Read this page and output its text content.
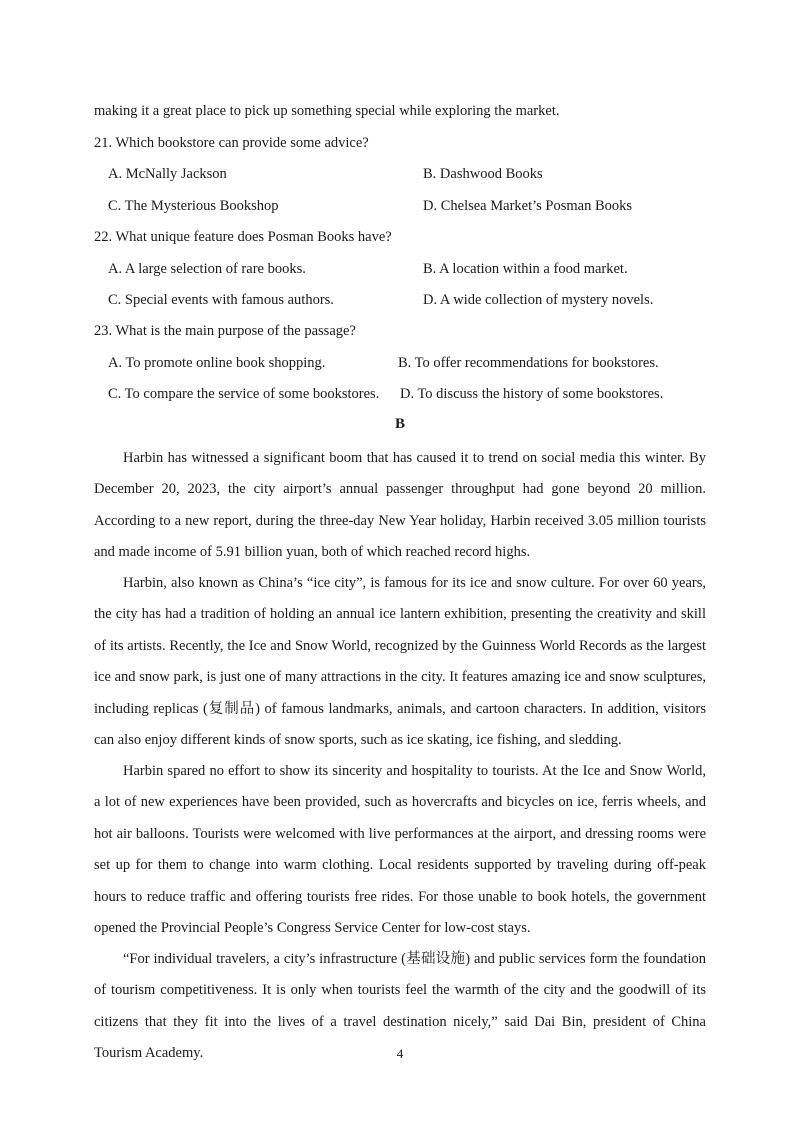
making it a great place to pick up something special while exploring the market.
21. Which bookstore can provide some advice?
A. McNally Jackson	B. Dashwood Books
C. The Mysterious Bookshop	D. Chelsea Market’s Posman Books
22. What unique feature does Posman Books have?
A. A large selection of rare books.	B. A location within a food market.
C. Special events with famous authors.	D. A wide collection of mystery novels.
23. What is the main purpose of the passage?
A. To promote online book shopping.	B. To offer recommendations for bookstores.
C. To compare the service of some bookstores. D. To discuss the history of some bookstores.
B

Harbin has witnessed a significant boom that has caused it to trend on social media this winter. By December 20, 2023, the city airport’s annual passenger throughput had gone beyond 20 million. According to a new report, during the three-day New Year holiday, Harbin received 3.05 million tourists and made income of 5.91 billion yuan, both of which reached record highs.

Harbin, also known as China’s “ice city”, is famous for its ice and snow culture. For over 60 years, the city has had a tradition of holding an annual ice lantern exhibition, presenting the creativity and skill of its artists. Recently, the Ice and Snow World, recognized by the Guinness World Records as the largest ice and snow park, is just one of many attractions in the city. It features amazing ice and snow sculptures, including replicas (复制品) of famous landmarks, animals, and cartoon characters. In addition, visitors can also enjoy different kinds of snow sports, such as ice skating, ice fishing, and sledding.

Harbin spared no effort to show its sincerity and hospitality to tourists. At the Ice and Snow World, a lot of new experiences have been provided, such as hovercrafts and bicycles on ice, ferris wheels, and hot air balloons. Tourists were welcomed with live performances at the airport, and dressing rooms were set up for them to change into warm clothing. Local residents supported by traveling during off-peak hours to reduce traffic and offering tourists free rides. For those unable to book hotels, the government opened the Provincial People’s Congress Service Center for low-cost stays.

“For individual travelers, a city’s infrastructure (基础设施) and public services form the foundation of tourism competitiveness. It is only when tourists feel the warmth of the city and the goodwill of its citizens that they fit into the lives of a travel destination nicely,” said Dai Bin, president of China Tourism Academy.	4
